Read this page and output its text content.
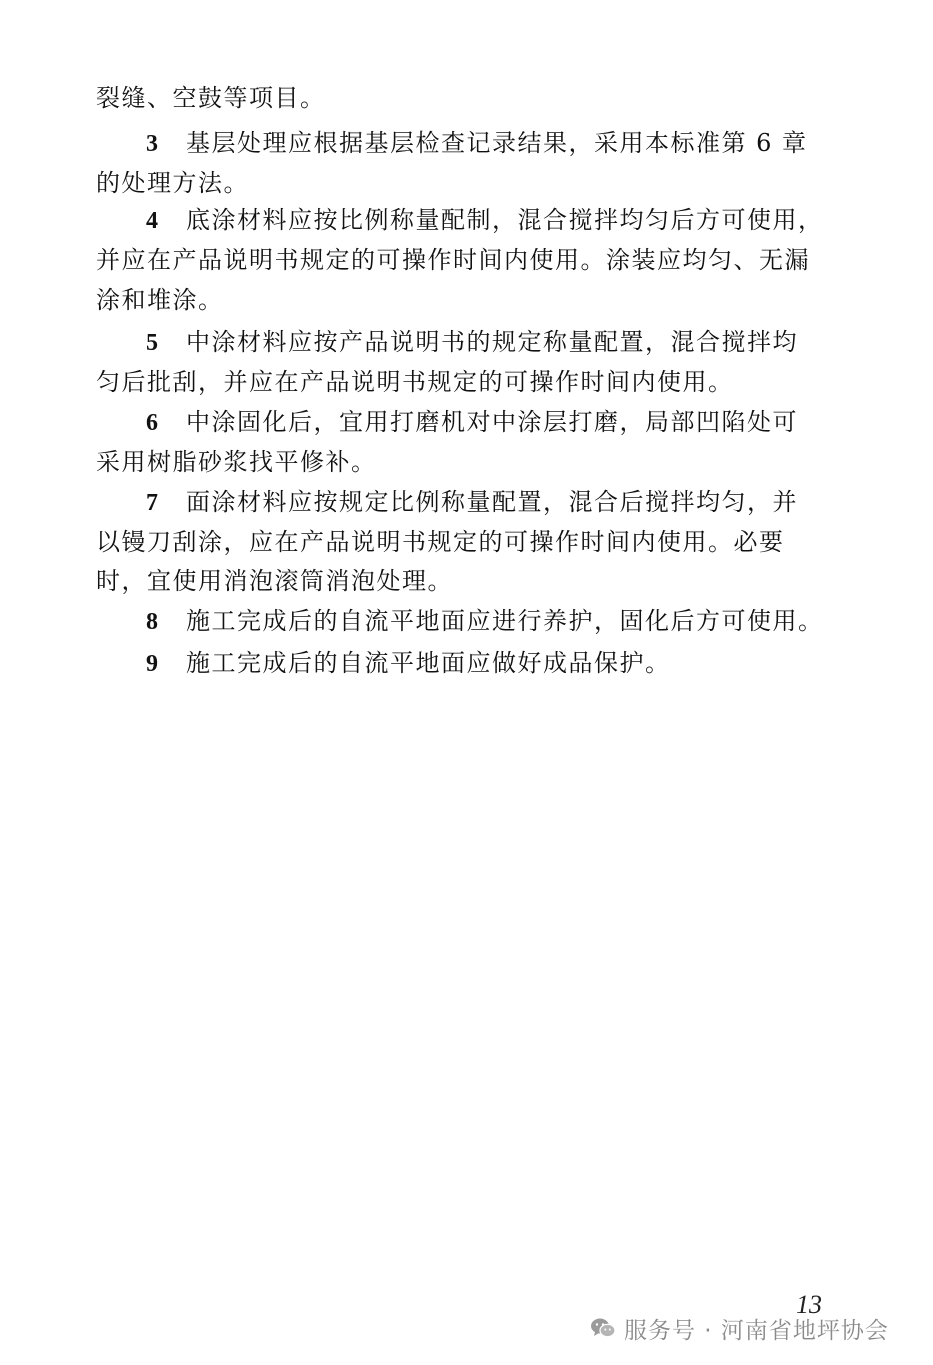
裂缝、空鼓等项目。
3 基层处理应根据基层检查记录结果，采用本标准第 6 章
的处理方法。
4 底涂材料应按比例称量配制，混合搅拌均匀后方可使用，
并应在产品说明书规定的可操作时间内使用。涂装应均匀、无漏
涂和堆涂。
5 中涂材料应按产品说明书的规定称量配置，混合搅拌均
匀后批刮，并应在产品说明书规定的可操作时间内使用。
6 中涂固化后，宜用打磨机对中涂层打磨，局部凹陷处可
采用树脂砂浆找平修补。
7 面涂材料应按规定比例称量配置，混合后搅拌均匀，并
以镘刀刮涂，应在产品说明书规定的可操作时间内使用。必要
时，宜使用消泡滚筒消泡处理。
8 施工完成后的自流平地面应进行养护，固化后方可使用。
9 施工完成后的自流平地面应做好成品保护。
13
服务号 · 河南省地坪协会
